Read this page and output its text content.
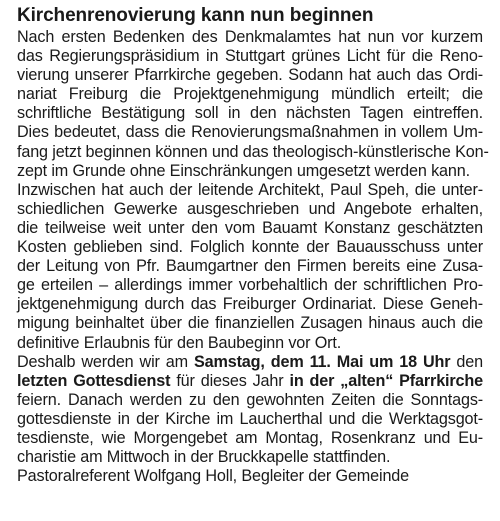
Kirchenrenovierung kann nun beginnen
Nach ersten Bedenken des Denkmalamtes hat nun vor kurzem
das Regierungspräsidium in Stuttgart grünes Licht für die Reno-
vierung unserer Pfarrkirche gegeben. Sodann hat auch das Ordi-
nariat Freiburg die Projektgenehmigung mündlich erteilt; die
schriftliche Bestätigung soll in den nächsten Tagen eintreffen.
Dies bedeutet, dass die Renovierungsmaßnahmen in vollem Um-
fang jetzt beginnen können und das theologisch-künstlerische Kon-
zept im Grunde ohne Einschränkungen umgesetzt werden kann.
Inzwischen hat auch der leitende Architekt, Paul Speh, die unter-
schiedlichen Gewerke ausgeschrieben und Angebote erhalten,
die teilweise weit unter den vom Bauamt Konstanz geschätzten
Kosten geblieben sind. Folglich konnte der Bauausschuss unter
der Leitung von Pfr. Baumgartner den Firmen bereits eine Zusa-
ge erteilen – allerdings immer vorbehaltlich der schriftlichen Pro-
jektgenehmigung durch das Freiburger Ordinariat. Diese Geneh-
migung beinhaltet über die finanziellen Zusagen hinaus auch die
definitive Erlaubnis für den Baubeginn vor Ort.
Deshalb werden wir am Samstag, dem 11. Mai um 18 Uhr den
letzten Gottesdienst für dieses Jahr in der „alten“ Pfarrkirche
feiern. Danach werden zu den gewohnten Zeiten die Sonntags-
gottesdienste in der Kirche im Laucherthal und die Werktagsgot-
tesdienste, wie Morgengebet am Montag, Rosenkranz und Eu-
charistie am Mittwoch in der Bruckkapelle stattfinden.
Pastoralreferent Wolfgang Holl, Begleiter der Gemeinde
